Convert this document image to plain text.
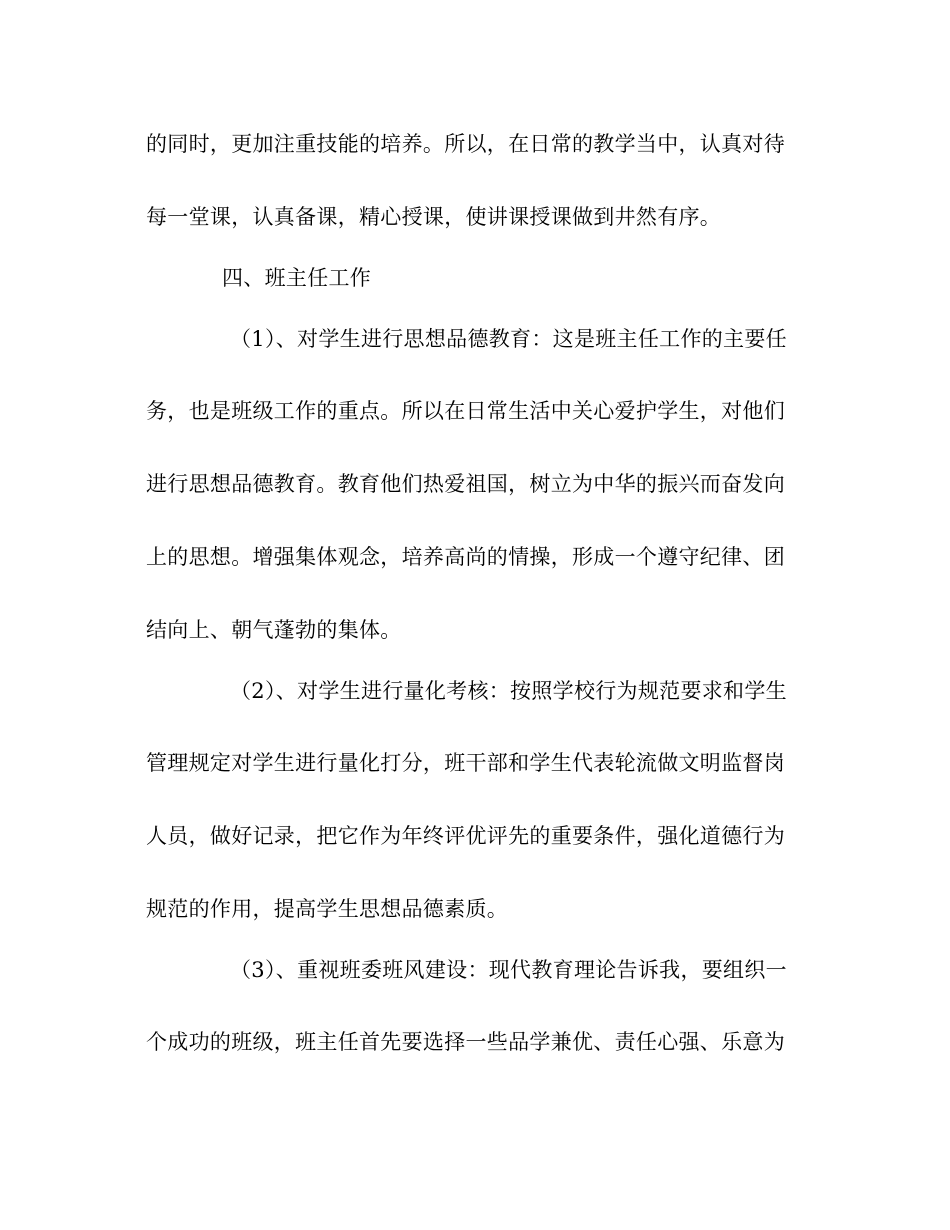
的同时，更加注重技能的培养。所以，在日常的教学当中，认真对待
每一堂课，认真备课，精心授课，使讲课授课做到井然有序。
四、班主任工作
（1）、对学生进行思想品德教育：这是班主任工作的主要任
务，也是班级工作的重点。所以在日常生活中关心爱护学生，对他们
进行思想品德教育。教育他们热爱祖国，树立为中华的振兴而奋发向
上的思想。增强集体观念，培养高尚的情操，形成一个遵守纪律、团
结向上、朝气蓬勃的集体。
（2）、对学生进行量化考核：按照学校行为规范要求和学生
管理规定对学生进行量化打分，班干部和学生代表轮流做文明监督岗
人员，做好记录，把它作为年终评优评先的重要条件，强化道德行为
规范的作用，提高学生思想品德素质。
（3）、重视班委班风建设：现代教育理论告诉我，要组织一
个成功的班级，班主任首先要选择一些品学兼优、责任心强、乐意为
